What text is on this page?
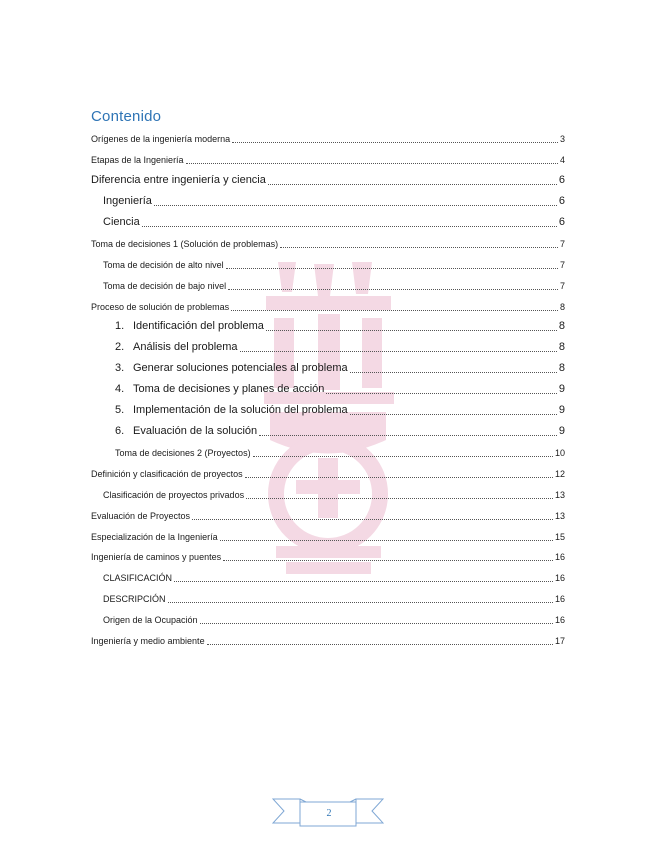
Contenido
Orígenes de la ingeniería moderna	3
Etapas de la Ingeniería	4
Diferencia entre ingeniería y ciencia	6
Ingeniería	6
Ciencia	6
Toma de decisiones 1 (Solución de problemas)	7
Toma de decisión de alto nivel	7
Toma de decisión de bajo nivel	7
Proceso de solución de problemas	8
1. Identificación del problema	8
2. Análisis del problema	8
3. Generar soluciones potenciales al problema	8
4. Toma de decisiones y planes de acción	9
5. Implementación de la solución del problema	9
6. Evaluación de la solución	9
Toma de decisiones 2 (Proyectos)	10
Definición y clasificación de proyectos	12
Clasificación de proyectos privados	13
Evaluación de Proyectos	13
Especialización de la Ingeniería	15
Ingeniería de caminos y puentes	16
CLASIFICACIÓN	16
DESCRIPCIÓN	16
Origen de la Ocupación	16
Ingeniería y medio ambiente	17
2
